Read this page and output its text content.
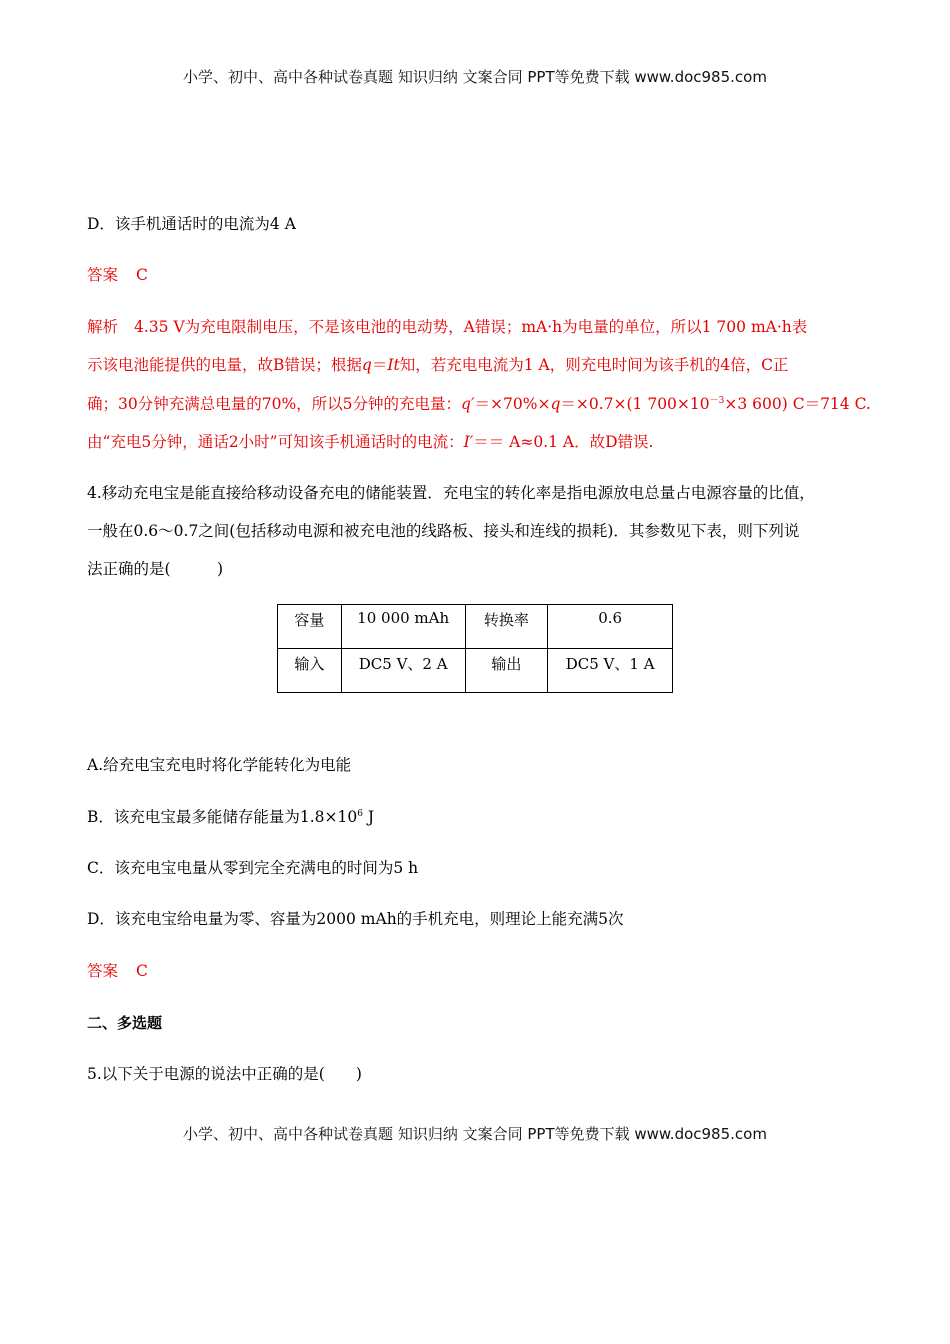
小学、初中、高中各种试卷真题 知识归纳 文案合同 PPT等免费下载 www.doc985.com
D．该手机通话时的电流为4 A
答案 C
解析 4.35 V为充电限制电压，不是该电池的电动势，A错误；mA·h为电量的单位，所以1 700 mA·h表
示该电池能提供的电量，故B错误；根据q＝It知，若充电电流为1 A，则充电时间为该手机的4倍，C正
确；30分钟充满总电量的70%，所以5分钟的充电量：q′＝×70%×q＝×0.7×(1 $700\times 10^{-3}\times 3$ 600) C＝714 C.
由“充电5分钟，通话2小时”可知该手机通话时的电流：I′＝＝ A≈0.1 A．故D错误.
4.移动充电宝是能直接给移动设备充电的储能装置．充电宝的转化率是指电源放电总量占电源容量的比值，
一般在0.6～0.7之间(包括移动电源和被充电池的线路板、接头和连线的损耗)．其参数见下表，则下列说
法正确的是(　　　)
容量	10 000 mAh	转换率	0.6
输入	DC5 V、2 A	输出	DC5 V、1 A
A.给充电宝充电时将化学能转化为电能
B．该充电宝最多能储存能量为$1.8\times 10^6$ J
C．该充电宝电量从零到完全充满电的时间为5 h
D．该充电宝给电量为零、容量为2000 mAh的手机充电，则理论上能充满5次
答案 C
二、多选题
5.以下关于电源的说法中正确的是(　　)
小学、初中、高中各种试卷真题 知识归纳 文案合同 PPT等免费下载 www.doc985.com
